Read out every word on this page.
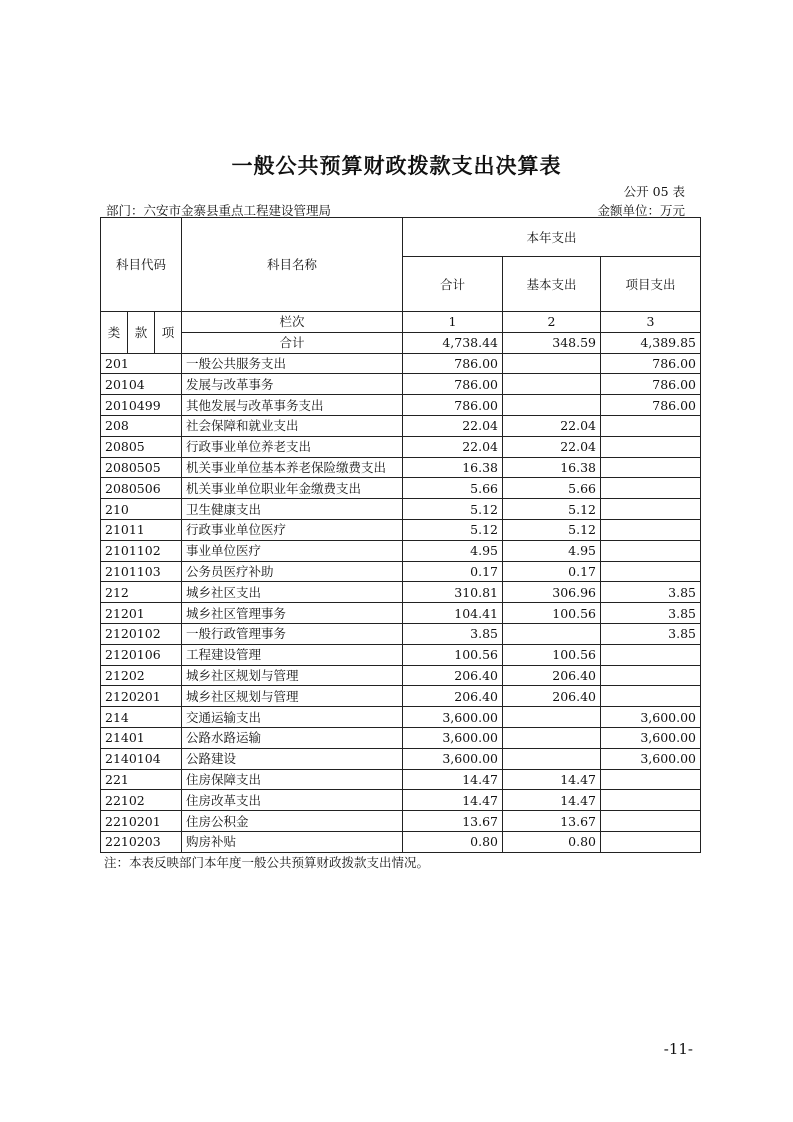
一般公共预算财政拨款支出决算表
公开 05 表
部门：六安市金寨县重点工程建设管理局	金额单位：万元
科目代码			科目名称	本年支出		
				合计	基本支出	项目支出

类	款	项	栏次	1	2	3
			合计	4,738.44	348.59	4,389.85
201			一般公共服务支出	786.00		786.00
20104			发展与改革事务	786.00		786.00
2010499			其他发展与改革事务支出	786.00		786.00
208			社会保障和就业支出	22.04	22.04	
20805			行政事业单位养老支出	22.04	22.04	
2080505			机关事业单位基本养老保险缴费支出	16.38	16.38	
2080506			机关事业单位职业年金缴费支出	5.66	5.66	
210			卫生健康支出	5.12	5.12	
21011			行政事业单位医疗	5.12	5.12	
2101102			事业单位医疗	4.95	4.95	
2101103			公务员医疗补助	0.17	0.17	
212			城乡社区支出	310.81	306.96	3.85
21201			城乡社区管理事务	104.41	100.56	3.85
2120102			一般行政管理事务	3.85		3.85
2120106			工程建设管理	100.56	100.56	
21202			城乡社区规划与管理	206.40	206.40	
2120201			城乡社区规划与管理	206.40	206.40	
214			交通运输支出	3,600.00		3,600.00
21401			公路水路运输	3,600.00		3,600.00
2140104			公路建设	3,600.00		3,600.00
221			住房保障支出	14.47	14.47	
22102			住房改革支出	14.47	14.47	
2210201			住房公积金	13.67	13.67	
2210203			购房补贴	0.80	0.80	
注：本表反映部门本年度一般公共预算财政拨款支出情况。
-11-
